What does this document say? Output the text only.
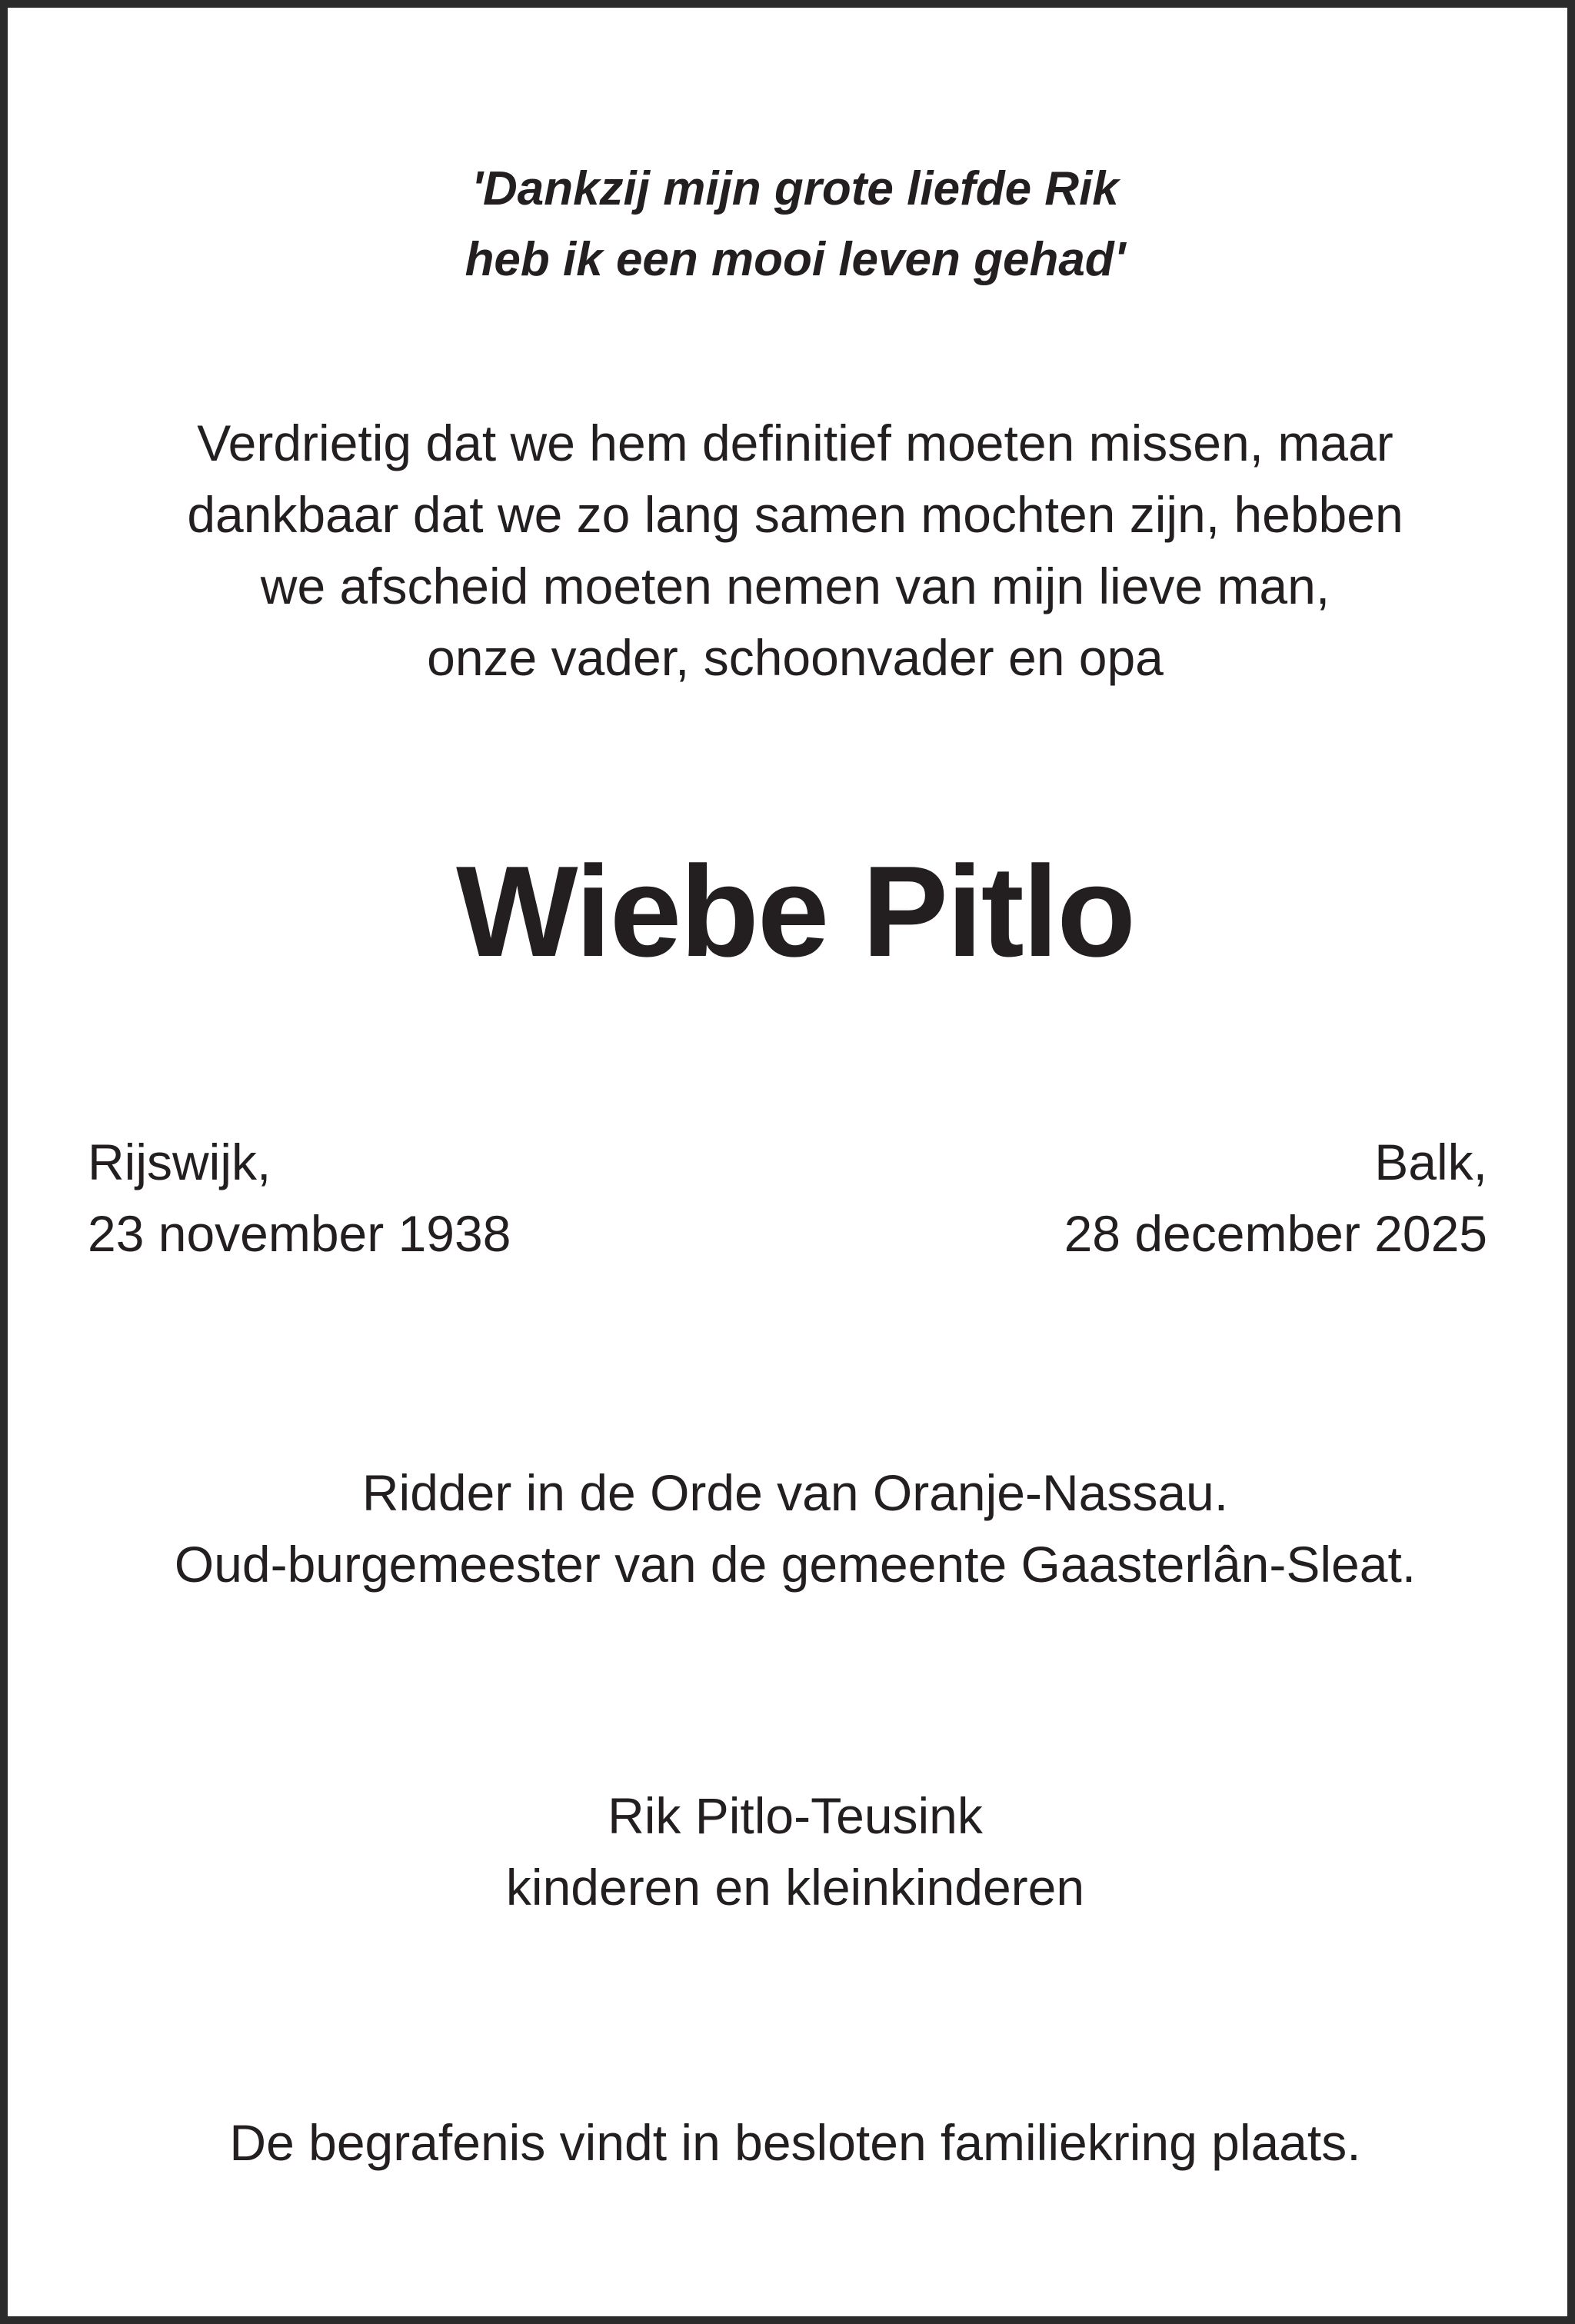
'Dankzij mijn grote liefde Rik
heb ik een mooi leven gehad'
Verdrietig dat we hem definitief moeten missen, maar
dankbaar dat we zo lang samen mochten zijn, hebben
we afscheid moeten nemen van mijn lieve man,
onze vader, schoonvader en opa
Wiebe Pitlo
Rijswijk,
23 november 1938
Balk,
28 december 2025
Ridder in de Orde van Oranje-Nassau.
Oud-burgemeester van de gemeente Gaasterlân-Sleat.
Rik Pitlo-Teusink
kinderen en kleinkinderen
De begrafenis vindt in besloten familiekring plaats.
